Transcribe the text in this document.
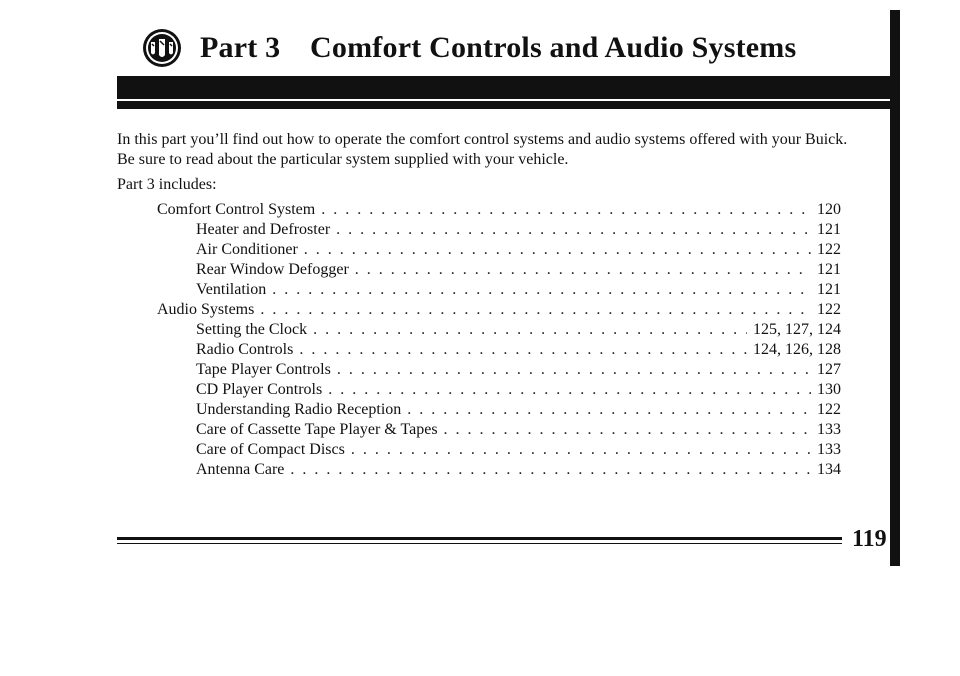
Part 3 Comfort Controls and Audio Systems

In this part you’ll find out how to operate the comfort control systems and audio systems offered with your Buick.

Be sure to read about the particular system supplied with your vehicle.

Part 3 includes:
Comfort Control System . . .	120
Heater and Defroster . . .	121
Air Conditioner . . .	122
Rear Window Defogger . . .	121
Ventilation . . .	121
Audio Systems . . .	122
Setting the Clock . . .	125, 127, 124
Radio Controls . . .	124, 126, 128
Tape Player Controls . . .	127
CD Player Controls . . .	130
Understanding Radio Reception . . .	122
Care of Cassette Tape Player & Tapes . . .	133
Care of Compact Discs . . .	133
Antenna Care . . .	134
119
